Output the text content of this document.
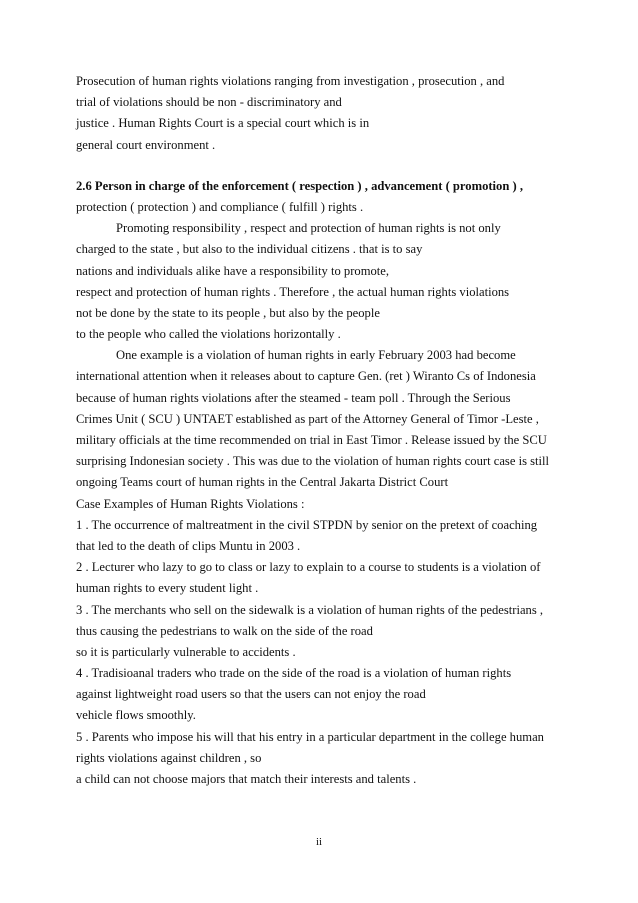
Prosecution of human rights violations ranging from investigation , prosecution , and
trial of violations should be non - discriminatory and
justice . Human Rights Court is a special court which is in
general court environment .
2.6 Person in charge of the enforcement ( respection ) , advancement ( promotion ) ,
protection ( protection ) and compliance ( fulfill ) rights .
Promoting responsibility , respect and protection of human rights is not only
charged to the state , but also to the individual citizens . that is to say
nations and individuals alike have a responsibility to promote,
respect and protection of human rights . Therefore , the actual human rights violations
not be done by the state to its people , but also by the people
to the people who called the violations horizontally .
One example is a violation of human rights in early February 2003 had become
international attention when it releases about to capture Gen. (ret ) Wiranto Cs of Indonesia
because of human rights violations after the steamed - team poll . Through the Serious
Crimes Unit ( SCU ) UNTAET established as part of the Attorney General of Timor -Leste ,
military officials at the time recommended on trial in East Timor . Release issued by the SCU
surprising Indonesian society . This was due to the violation of human rights court case is still
ongoing Teams court of human rights in the Central Jakarta District Court
Case Examples of Human Rights Violations :
1 . The occurrence of maltreatment in the civil STPDN by senior on the pretext of coaching
that led to the death of clips Muntu in 2003 .
2 . Lecturer who lazy to go to class or lazy to explain to a course to students is a violation of
human rights to every student light .
3 . The merchants who sell on the sidewalk is a violation of human rights of the pedestrians ,
thus causing the pedestrians to walk on the side of the road
so it is particularly vulnerable to accidents .
4 . Tradisioanal traders who trade on the side of the road is a violation of human rights
against lightweight road users so that the users can not enjoy the road
vehicle flows smoothly.
5 . Parents who impose his will that his entry in a particular department in the college human
rights violations against children , so
a child can not choose majors that match their interests and talents .
ii
